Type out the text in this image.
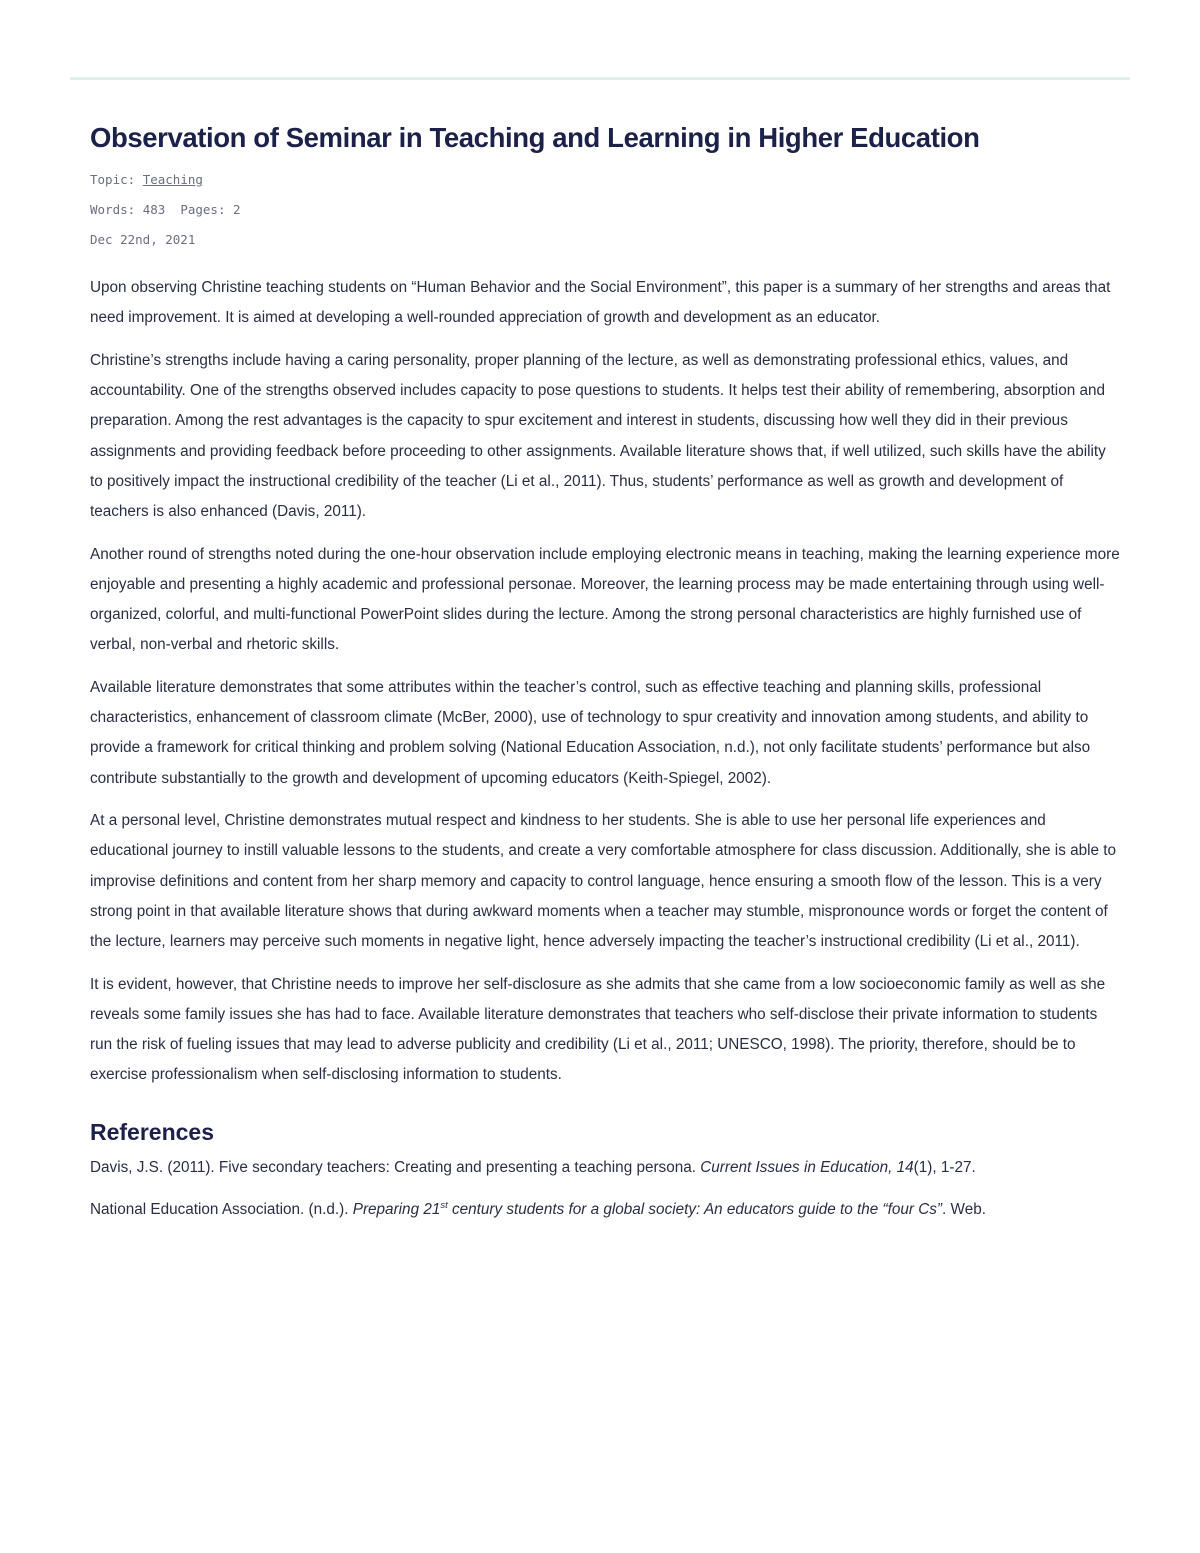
Observation of Seminar in Teaching and Learning in Higher Education

Topic: Teaching

Words: 483 Pages: 2

Dec 22nd, 2021

Upon observing Christine teaching students on “Human Behavior and the Social Environment”, this paper is a summary of her strengths and areas that need improvement. It is aimed at developing a well-rounded appreciation of growth and development as an educator.

Christine’s strengths include having a caring personality, proper planning of the lecture, as well as demonstrating professional ethics, values, and accountability. One of the strengths observed includes capacity to pose questions to students. It helps test their ability of remembering, absorption and preparation. Among the rest advantages is the capacity to spur excitement and interest in students, discussing how well they did in their previous assignments and providing feedback before proceeding to other assignments. Available literature shows that, if well utilized, such skills have the ability to positively impact the instructional credibility of the teacher (Li et al., 2011). Thus, students’ performance as well as growth and development of teachers is also enhanced (Davis, 2011).

Another round of strengths noted during the one-hour observation include employing electronic means in teaching, making the learning experience more enjoyable and presenting a highly academic and professional personae. Moreover, the learning process may be made entertaining through using well-organized, colorful, and multi-functional PowerPoint slides during the lecture. Among the strong personal characteristics are highly furnished use of verbal, non-verbal and rhetoric skills.

Available literature demonstrates that some attributes within the teacher’s control, such as effective teaching and planning skills, professional characteristics, enhancement of classroom climate (McBer, 2000), use of technology to spur creativity and innovation among students, and ability to provide a framework for critical thinking and problem solving (National Education Association, n.d.), not only facilitate students’ performance but also contribute substantially to the growth and development of upcoming educators (Keith-Spiegel, 2002).

At a personal level, Christine demonstrates mutual respect and kindness to her students. She is able to use her personal life experiences and educational journey to instill valuable lessons to the students, and create a very comfortable atmosphere for class discussion. Additionally, she is able to improvise definitions and content from her sharp memory and capacity to control language, hence ensuring a smooth flow of the lesson. This is a very strong point in that available literature shows that during awkward moments when a teacher may stumble, mispronounce words or forget the content of the lecture, learners may perceive such moments in negative light, hence adversely impacting the teacher’s instructional credibility (Li et al., 2011).

It is evident, however, that Christine needs to improve her self-disclosure as she admits that she came from a low socioeconomic family as well as she reveals some family issues she has had to face. Available literature demonstrates that teachers who self-disclose their private information to students run the risk of fueling issues that may lead to adverse publicity and credibility (Li et al., 2011; UNESCO, 1998). The priority, therefore, should be to exercise professionalism when self-disclosing information to students.

References

Davis, J.S. (2011). Five secondary teachers: Creating and presenting a teaching persona. Current Issues in Education, 14(1), 1-27.

National Education Association. (n.d.). Preparing 21st century students for a global society: An educators guide to the “four Cs”. Web.
